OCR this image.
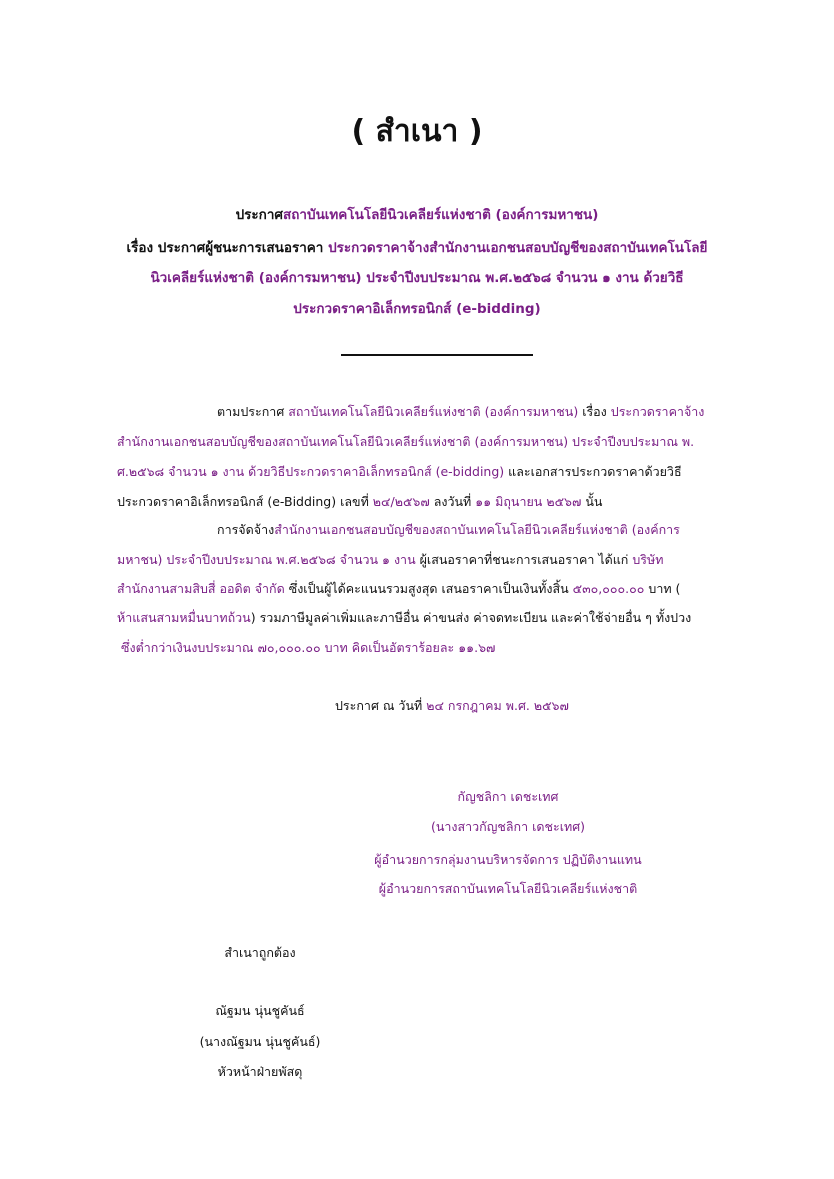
( สำเนา )
ประกาศสถาบันเทคโนโลยีนิวเคลียร์แห่งชาติ (องค์การมหาชน)
เรื่อง ประกาศผู้ชนะการเสนอราคา ประกวดราคาจ้างสำนักงานเอกชนสอบบัญชีของสถาบันเทคโนโลยี
นิวเคลียร์แห่งชาติ (องค์การมหาชน) ประจำปีงบประมาณ พ.ศ.๒๕๖๘ จำนวน ๑ งาน ด้วยวิธี
ประกวดราคาอิเล็กทรอนิกส์ (e-bidding)
ตามประกาศ สถาบันเทคโนโลยีนิวเคลียร์แห่งชาติ (องค์การมหาชน) เรื่อง ประกวดราคาจ้าง
สำนักงานเอกชนสอบบัญชีของสถาบันเทคโนโลยีนิวเคลียร์แห่งชาติ (องค์การมหาชน) ประจำปีงบประมาณ พ.
ศ.๒๕๖๘ จำนวน ๑ งาน ด้วยวิธีประกวดราคาอิเล็กทรอนิกส์ (e-bidding) และเอกสารประกวดราคาด้วยวิธี
ประกวดราคาอิเล็กทรอนิกส์ (e-Bidding) เลขที่ ๒๔/๒๕๖๗ ลงวันที่ ๑๑ มิถุนายน ๒๕๖๗ นั้น
การจัดจ้างสำนักงานเอกชนสอบบัญชีของสถาบันเทคโนโลยีนิวเคลียร์แห่งชาติ (องค์การ
มหาชน) ประจำปีงบประมาณ พ.ศ.๒๕๖๘ จำนวน ๑ งาน ผู้เสนอราคาที่ชนะการเสนอราคา ได้แก่ บริษัท
สำนักงานสามสิบสี่ ออดิต จำกัด ซึ่งเป็นผู้ได้คะแนนรวมสูงสุด เสนอราคาเป็นเงินทั้งสิ้น ๕๓๐,๐๐๐.๐๐ บาท (
ห้าแสนสามหมื่นบาทถ้วน) รวมภาษีมูลค่าเพิ่มและภาษีอื่น ค่าขนส่ง ค่าจดทะเบียน และค่าใช้จ่ายอื่น ๆ ทั้งปวง
ซึ่งต่ำกว่าเงินงบประมาณ ๗๐,๐๐๐.๐๐ บาท คิดเป็นอัตราร้อยละ ๑๑.๖๗
ประกาศ ณ วันที่ ๒๔ กรกฎาคม พ.ศ. ๒๕๖๗
กัญชลิกา เดชะเทศ
(นางสาวกัญชลิกา เดชะเทศ)
ผู้อำนวยการกลุ่มงานบริหารจัดการ ปฏิบัติงานแทน
ผู้อำนวยการสถาบันเทคโนโลยีนิวเคลียร์แห่งชาติ
สำเนาถูกต้อง
ณัฐมน นุ่นชูคันธ์
(นางณัฐมน นุ่นชูคันธ์)
หัวหน้าฝ่ายพัสดุ
